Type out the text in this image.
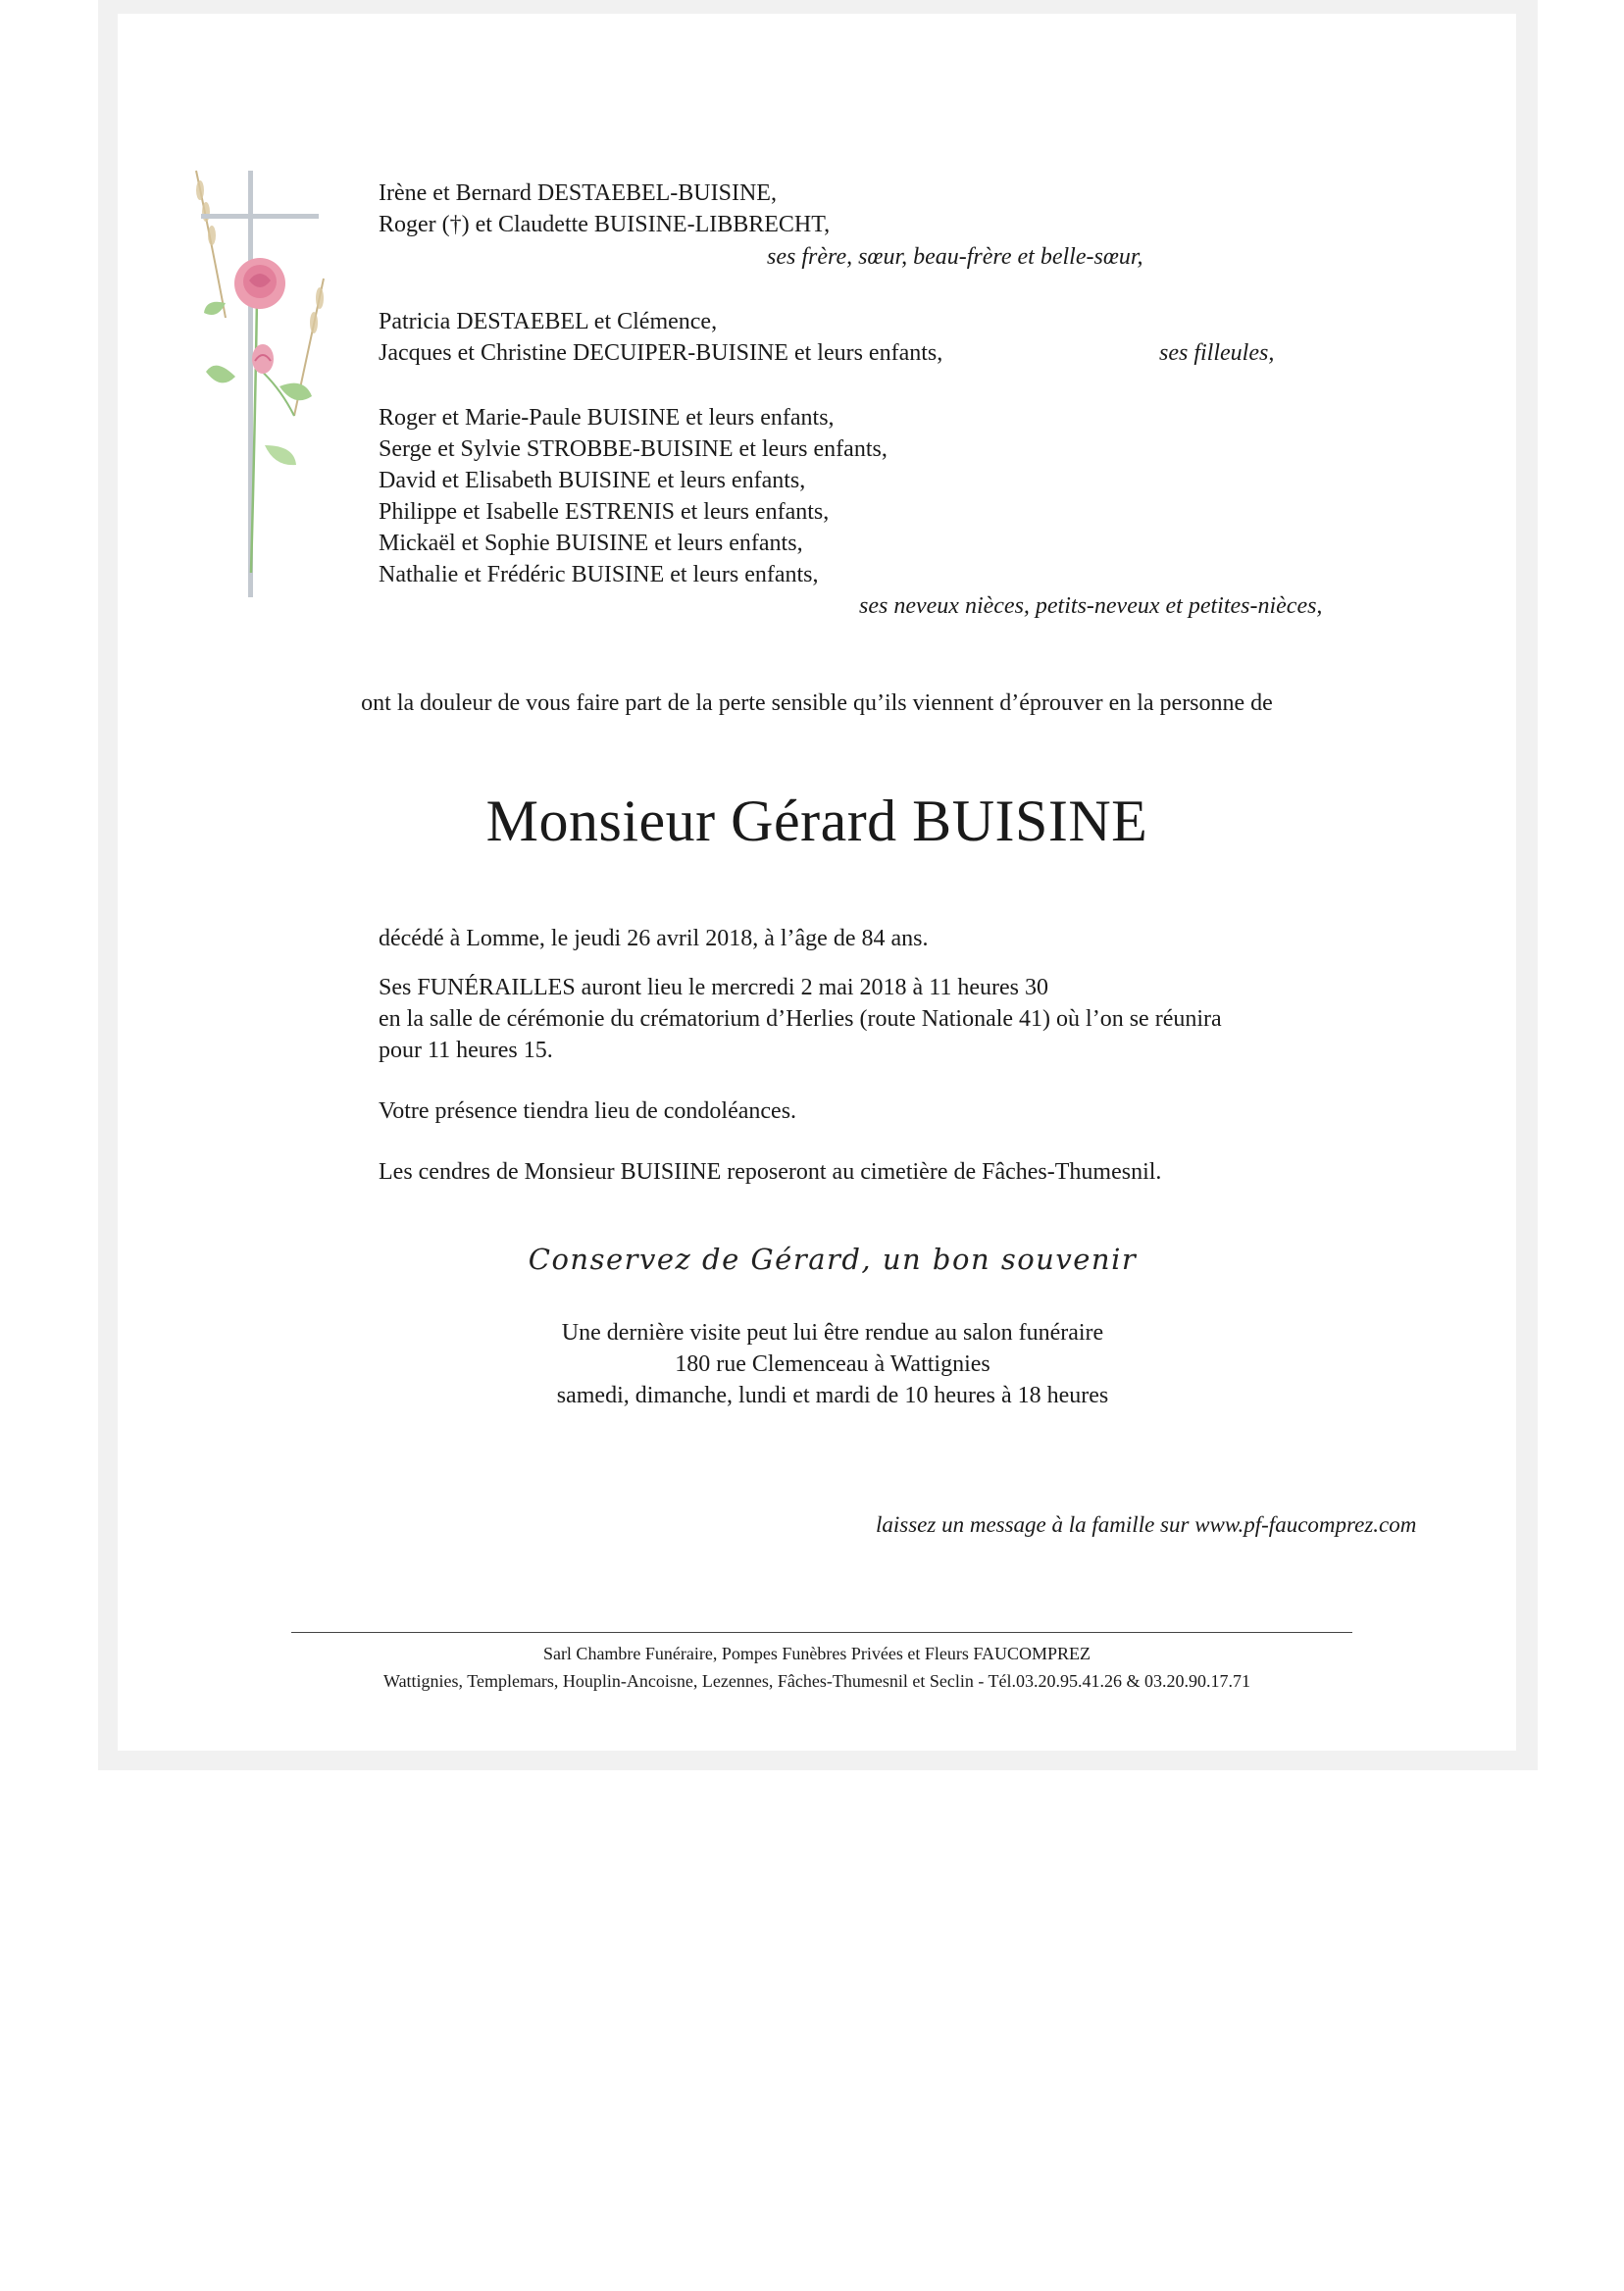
Irène et Bernard DESTAEBEL-BUISINE,
Roger (†) et Claudette BUISINE-LIBBRECHT,
ses frère, sœur, beau-frère et belle-sœur,
Patricia DESTAEBEL et Clémence,
Jacques et Christine DECUIPER-BUISINE et leurs enfants,	ses filleules,
Roger et Marie-Paule BUISINE et leurs enfants,
Serge et Sylvie STROBBE-BUISINE et leurs enfants,
David et Elisabeth BUISINE et leurs enfants,
Philippe et Isabelle ESTRENIS et leurs enfants,
Mickaël et Sophie BUISINE et leurs enfants,
Nathalie et Frédéric BUISINE et leurs enfants,
ses neveux nièces, petits-neveux et petites-nièces,
ont la douleur de vous faire part de la perte sensible qu’ils viennent d’éprouver en la personne de
Monsieur Gérard BUISINE
décédé à Lomme, le jeudi 26 avril 2018, à l’âge de 84 ans.
Ses FUNÉRAILLES auront lieu le mercredi 2 mai 2018 à 11 heures 30
en la salle de cérémonie du crématorium d’Herlies (route Nationale 41) où l’on se réunira
pour 11 heures 15.
Votre présence tiendra lieu de condoléances.
Les cendres de Monsieur BUISIINE reposeront au cimetière de Fâches-Thumesnil.
Conservez de Gérard, un bon souvenir
Une dernière visite peut lui être rendue au salon funéraire
180 rue Clemenceau à Wattignies
samedi, dimanche, lundi et mardi de 10 heures à 18 heures
laissez un message à la famille sur www.pf-faucomprez.com
Sarl Chambre Funéraire, Pompes Funèbres Privées et Fleurs FAUCOMPREZ
Wattignies, Templemars, Houplin-Ancoisne, Lezennes, Fâches-Thumesnil et Seclin - Tél.03.20.95.41.26 & 03.20.90.17.71
